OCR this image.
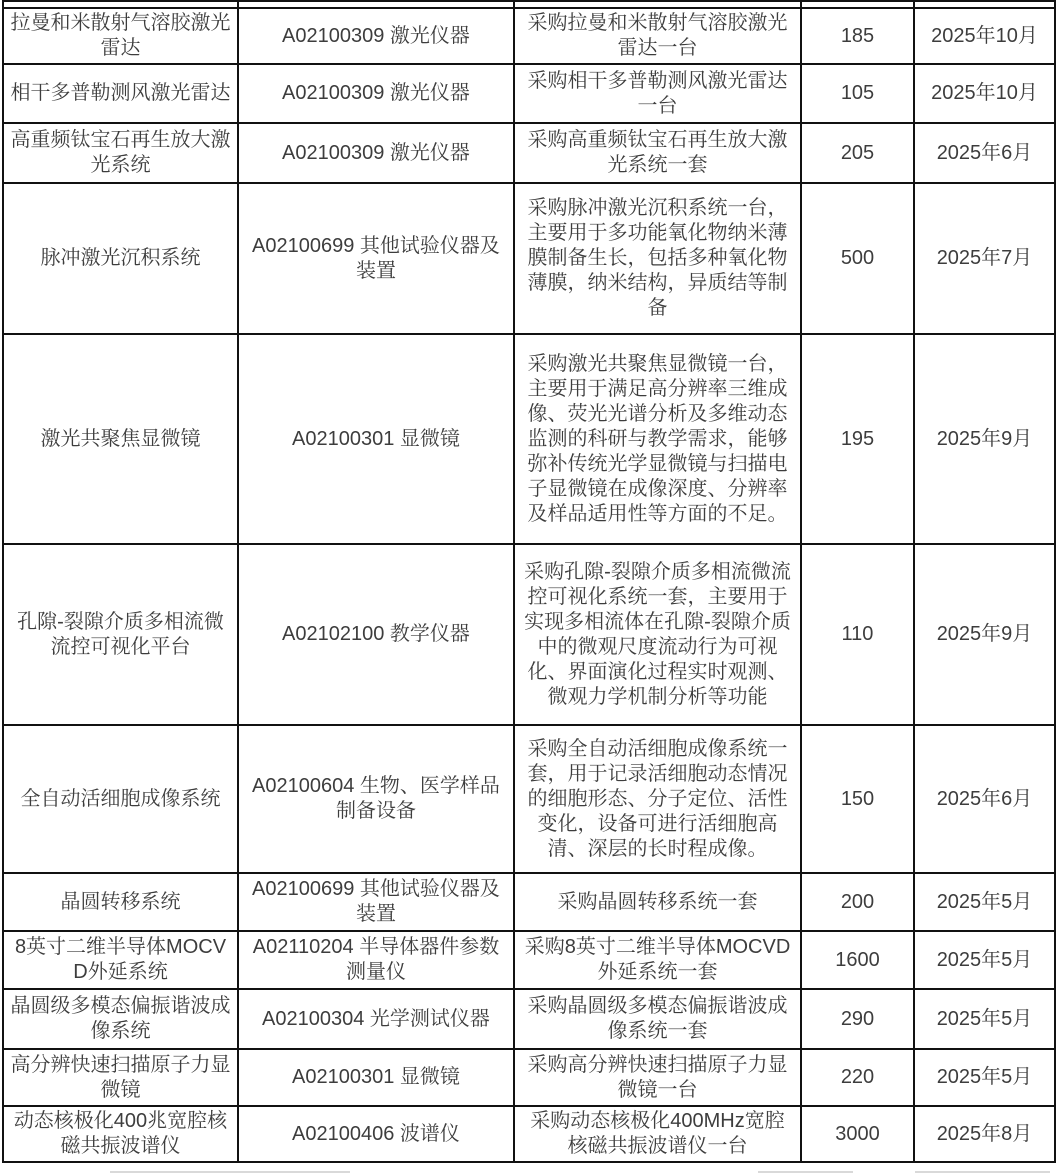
拉曼和米散射气溶胶激光雷达	A02100309 激光仪器	采购拉曼和米散射气溶胶激光雷达一台	185	2025年10月
相干多普勒测风激光雷达	A02100309 激光仪器	采购相干多普勒测风激光雷达一台	105	2025年10月
高重频钛宝石再生放大激光系统	A02100309 激光仪器	采购高重频钛宝石再生放大激光系统一套	205	2025年6月
脉冲激光沉积系统	A02100699 其他试验仪器及装置	采购脉冲激光沉积系统一台，主要用于多功能氧化物纳米薄膜制备生长，包括多种氧化物薄膜，纳米结构，异质结等制备	500	2025年7月
激光共聚焦显微镜	A02100301 显微镜	采购激光共聚焦显微镜一台，主要用于满足高分辨率三维成像、荧光光谱分析及多维动态监测的科研与教学需求，能够弥补传统光学显微镜与扫描电子显微镜在成像深度、分辨率及样品适用性等方面的不足。	195	2025年9月
孔隙-裂隙介质多相流微流控可视化平台	A02102100 教学仪器	采购孔隙-裂隙介质多相流微流控可视化系统一套，主要用于实现多相流体在孔隙-裂隙介质中的微观尺度流动行为可视化、界面演化过程实时观测、微观力学机制分析等功能	110	2025年9月
全自动活细胞成像系统	A02100604 生物、医学样品制备设备	采购全自动活细胞成像系统一套，用于记录活细胞动态情况的细胞形态、分子定位、活性变化，设备可进行活细胞高清、深层的长时程成像。	150	2025年6月
晶圆转移系统	A02100699 其他试验仪器及装置	采购晶圆转移系统一套	200	2025年5月
8英寸二维半导体MOCVD外延系统	A02110204 半导体器件参数测量仪	采购8英寸二维半导体MOCVD外延系统一套	1600	2025年5月
晶圆级多模态偏振谐波成像系统	A02100304 光学测试仪器	采购晶圆级多模态偏振谐波成像系统一套	290	2025年5月
高分辨快速扫描原子力显微镜	A02100301 显微镜	采购高分辨快速扫描原子力显微镜一台	220	2025年5月
动态核极化400兆宽腔核磁共振波谱仪	A02100406 波谱仪	采购动态核极化400MHz宽腔核磁共振波谱仪一台	3000	2025年8月
